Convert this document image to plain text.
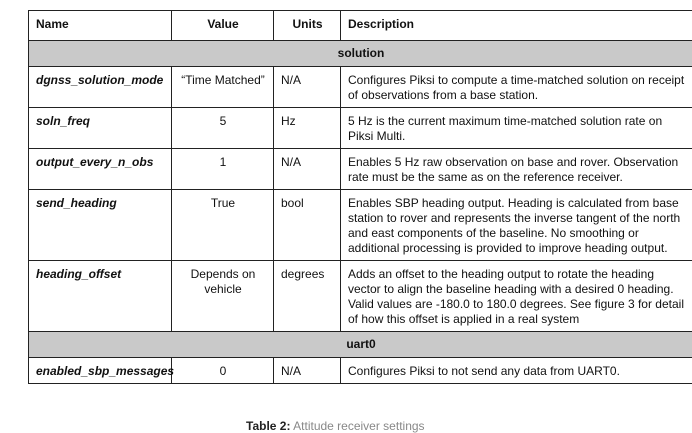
Name	Value	Units	Description
solution			
dgnss_solution_mode	“Time Matched”	N/A	Configures Piksi to compute a time-matched solution on receipt of observations from a base station.
soln_freq	5	Hz	5 Hz is the current maximum time-matched solution rate on Piksi Multi.
output_every_n_obs	1	N/A	Enables 5 Hz raw observation on base and rover. Observation rate must be the same as on the reference receiver.
send_heading	True	bool	Enables SBP heading output. Heading is calculated from base station to rover and represents the inverse tangent of the north and east components of the baseline. No smoothing or additional processing is provided to improve heading output.
heading_offset	Depends on vehicle	degrees	Adds an offset to the heading output to rotate the heading vector to align the baseline heading with a desired 0 heading. Valid values are -180.0 to 180.0 degrees. See figure 3 for detail of how this offset is applied in a real system
uart0			
enabled_sbp_messages	0	N/A	Configures Piksi to not send any data from UART0.
Table 2: Attitude receiver settings
